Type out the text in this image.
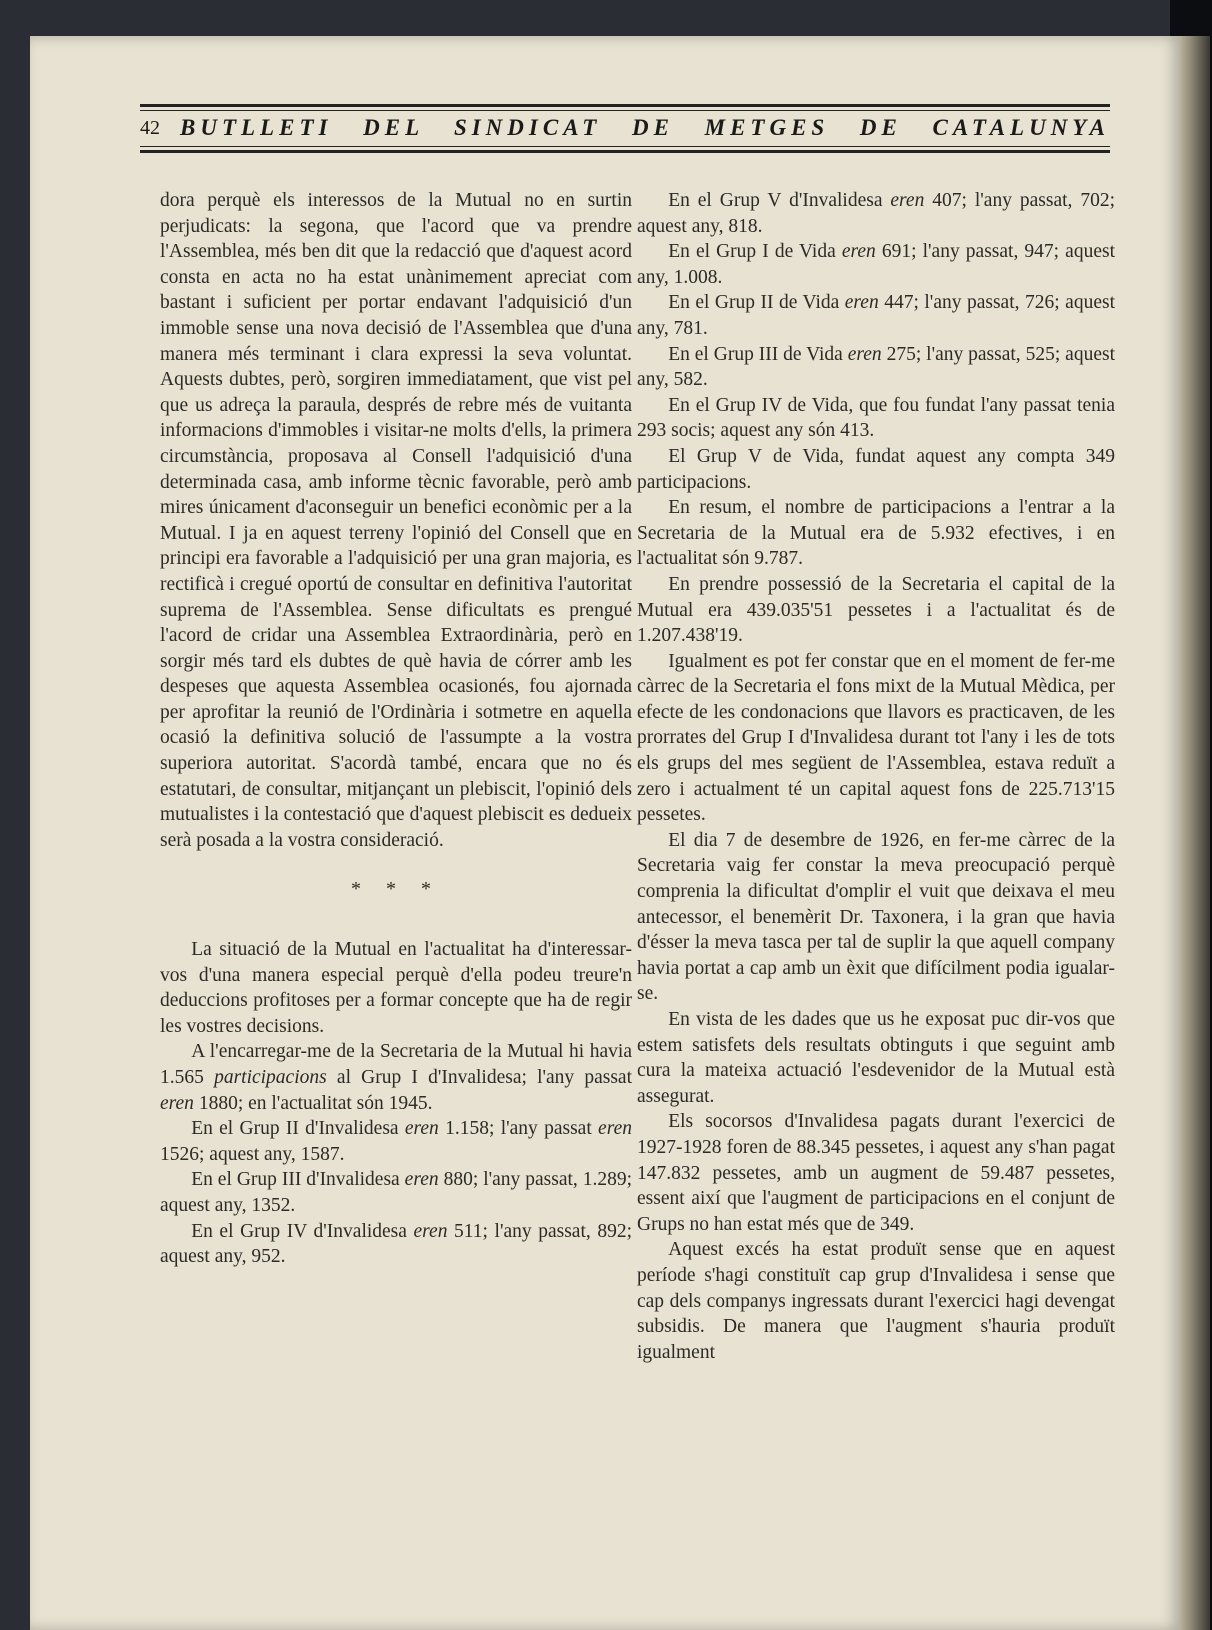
42 BUTLLETI DEL SINDICAT DE METGES DE CATALUNYA

dora perquè els interessos de la Mutual no en surtin perjudicats: la segona, que l'acord que va prendre l'Assemblea, més ben dit que la redacció que d'aquest acord consta en acta no ha estat unànimement apreciat com bastant i suficient per portar endavant l'adquisició d'un immoble sense una nova decisió de l'Assemblea que d'una manera més terminant i clara expressi la seva voluntat. Aquests dubtes, però, sorgiren immediatament, que vist pel que us adreça la paraula, després de rebre més de vuitanta informacions d'immobles i visitar-ne molts d'ells, la primera circumstància, proposava al Consell l'adquisició d'una determinada casa, amb informe tècnic favorable, però amb mires únicament d'aconseguir un benefici econòmic per a la Mutual. I ja en aquest terreny l'opinió del Consell que en principi era favorable a l'adquisició per una gran majoria, es rectificà i cregué oportú de consultar en definitiva l'autoritat suprema de l'Assemblea. Sense dificultats es prengué l'acord de cridar una Assemblea Extraordinària, però en sorgir més tard els dubtes de què havia de córrer amb les despeses que aquesta Assemblea ocasionés, fou ajornada per aprofitar la reunió de l'Ordinària i sotmetre en aquella ocasió la definitiva solució de l'assumpte a la vostra superiora autoritat. S'acordà també, encara que no és estatutari, de consultar, mitjançant un plebiscit, l'opinió dels mutualistes i la contestació que d'aquest plebiscit es dedueix serà posada a la vostra consideració.

* * *

La situació de la Mutual en l'actualitat ha d'interessar-vos d'una manera especial perquè d'ella podeu treure'n deduccions profitoses per a formar concepte que ha de regir les vostres decisions.

A l'encarregar-me de la Secretaria de la Mutual hi havia 1.565 participacions al Grup I d'Invalidesa; l'any passat eren 1880; en l'actualitat són 1945.

En el Grup II d'Invalidesa eren 1.158; l'any passat eren 1526; aquest any, 1587.

En el Grup III d'Invalidesa eren 880; l'any passat, 1.289; aquest any, 1352.

En el Grup IV d'Invalidesa eren 511; l'any passat, 892; aquest any, 952.

En el Grup V d'Invalidesa eren 407; l'any passat, 702; aquest any, 818.

En el Grup I de Vida eren 691; l'any passat, 947; aquest any, 1.008.

En el Grup II de Vida eren 447; l'any passat, 726; aquest any, 781.

En el Grup III de Vida eren 275; l'any passat, 525; aquest any, 582.

En el Grup IV de Vida, que fou fundat l'any passat tenia 293 socis; aquest any són 413.

El Grup V de Vida, fundat aquest any compta 349 participacions.

En resum, el nombre de participacions a l'entrar a la Secretaria de la Mutual era de 5.932 efectives, i en l'actualitat són 9.787.

En prendre possessió de la Secretaria el capital de la Mutual era 439.035'51 pessetes i a l'actualitat és de 1.207.438'19.

Igualment es pot fer constar que en el moment de fer-me càrrec de la Secretaria el fons mixt de la Mutual Mèdica, per efecte de les condonacions que llavors es practicaven, de les prorrates del Grup I d'Invalidesa durant tot l'any i les de tots els grups del mes següent de l'Assemblea, estava reduït a zero i actualment té un capital aquest fons de 225.713'15 pessetes.

El dia 7 de desembre de 1926, en fer-me càrrec de la Secretaria vaig fer constar la meva preocupació perquè comprenia la dificultat d'omplir el vuit que deixava el meu antecessor, el benemèrit Dr. Taxonera, i la gran que havia d'ésser la meva tasca per tal de suplir la que aquell company havia portat a cap amb un èxit que difícilment podia igualar-se.

En vista de les dades que us he exposat puc dir-vos que estem satisfets dels resultats obtinguts i que seguint amb cura la mateixa actuació l'esdevenidor de la Mutual està assegurat.

Els socorsos d'Invalidesa pagats durant l'exercici de 1927-1928 foren de 88.345 pessetes, i aquest any s'han pagat 147.832 pessetes, amb un augment de 59.487 pessetes, essent així que l'augment de participacions en el conjunt de Grups no han estat més que de 349.

Aquest excés ha estat produït sense que en aquest període s'hagi constituït cap grup d'Invalidesa i sense que cap dels companys ingressats durant l'exercici hagi devengat subsidis. De manera que l'augment s'hauria produït igualment
